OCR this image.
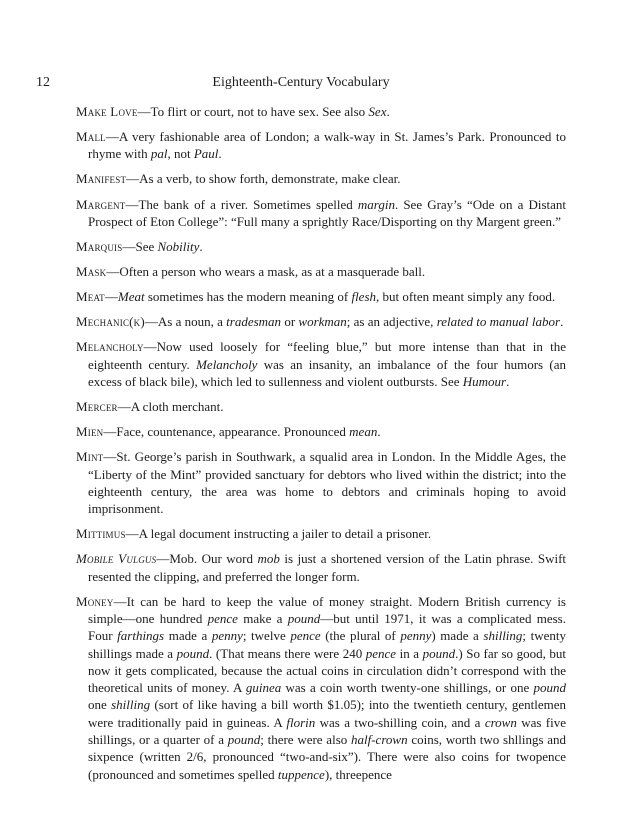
12	Eighteenth-Century Vocabulary

Make Love—To flirt or court, not to have sex. See also Sex.

Mall—A very fashionable area of London; a walk-way in St. James’s Park. Pronounced to rhyme with pal, not Paul.

Manifest—As a verb, to show forth, demonstrate, make clear.

Margent—The bank of a river. Sometimes spelled margin. See Gray’s “Ode on a Distant Prospect of Eton College”: “Full many a sprightly Race/Disporting on thy Margent green.”

Marquis—See Nobility.

Mask—Often a person who wears a mask, as at a masquerade ball.

Meat—Meat sometimes has the modern meaning of flesh, but often meant simply any food.

Mechanic(k)—As a noun, a tradesman or workman; as an adjective, related to manual labor.

Melancholy—Now used loosely for “feeling blue,” but more intense than that in the eighteenth century. Melancholy was an insanity, an imbalance of the four humors (an excess of black bile), which led to sullenness and violent outbursts. See Humour.

Mercer—A cloth merchant.

Mien—Face, countenance, appearance. Pronounced mean.

Mint—St. George’s parish in Southwark, a squalid area in London. In the Middle Ages, the “Liberty of the Mint” provided sanctuary for debtors who lived within the district; into the eighteenth century, the area was home to debtors and criminals hoping to avoid imprisonment.

Mittimus—A legal document instructing a jailer to detail a prisoner.

Mobile Vulgus—Mob. Our word mob is just a shortened version of the Latin phrase. Swift resented the clipping, and preferred the longer form.

Money—It can be hard to keep the value of money straight. Modern British currency is simple—one hundred pence make a pound—but until 1971, it was a complicated mess. Four farthings made a penny; twelve pence (the plural of penny) made a shilling; twenty shillings made a pound. (That means there were 240 pence in a pound.) So far so good, but now it gets complicated, because the actual coins in circulation didn’t correspond with the theoretical units of money. A guinea was a coin worth twenty-one shillings, or one pound one shilling (sort of like having a bill worth $1.05); into the twentieth century, gentlemen were traditionally paid in guineas. A florin was a two-shilling coin, and a crown was five shillings, or a quarter of a pound; there were also half-crown coins, worth two shllings and sixpence (written 2/6, pronounced “two-and-six”). There were also coins for twopence (pronounced and sometimes spelled tuppence), threepence
